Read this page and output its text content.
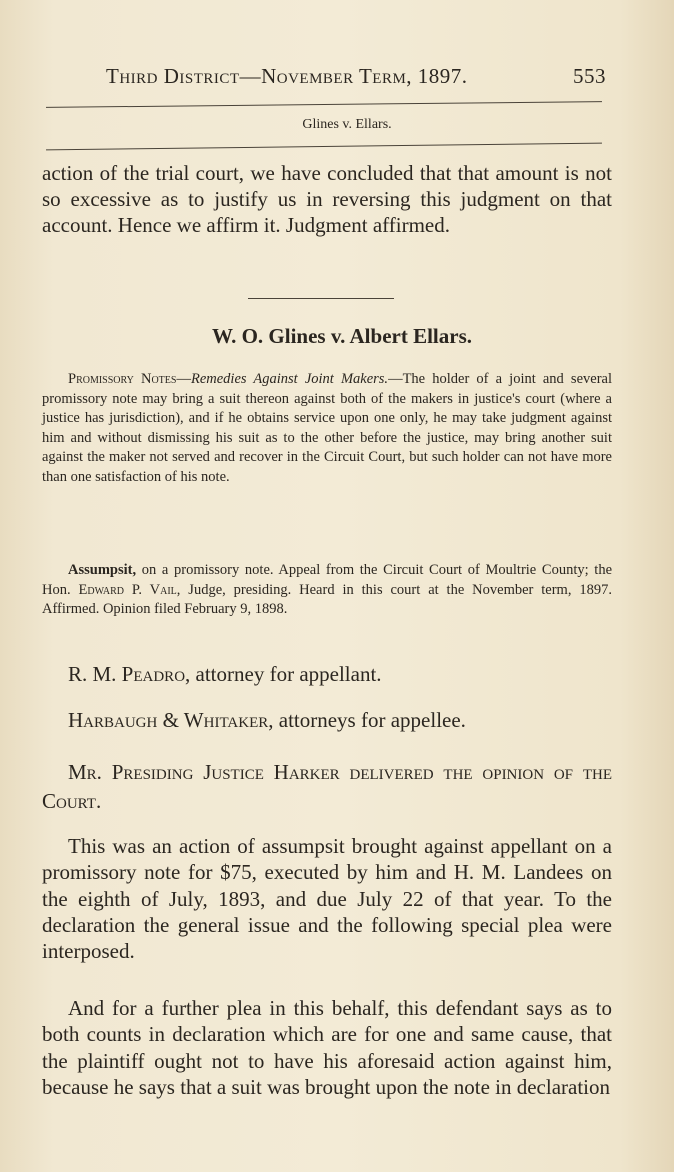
Third District—November Term, 1897.	553
Glines v. Ellars.
action of the trial court, we have concluded that that amount is not so excessive as to justify us in reversing this judgment on that account. Hence we affirm it. Judgment affirmed.
W. O. Glines v. Albert Ellars.
Promissory Notes—Remedies Against Joint Makers.—The holder of a joint and several promissory note may bring a suit thereon against both of the makers in justice's court (where a justice has jurisdiction), and if he obtains service upon one only, he may take judgment against him and without dismissing his suit as to the other before the justice, may bring another suit against the maker not served and recover in the Circuit Court, but such holder can not have more than one satisfaction of his note.
Assumpsit, on a promissory note. Appeal from the Circuit Court of Moultrie County; the Hon. Edward P. Vail, Judge, presiding. Heard in this court at the November term, 1897. Affirmed. Opinion filed February 9, 1898.
R. M. Peadro, attorney for appellant.
Harbaugh & Whitaker, attorneys for appellee.
Mr. Presiding Justice Harker delivered the opinion of the Court.
This was an action of assumpsit brought against appellant on a promissory note for $75, executed by him and H. M. Landees on the eighth of July, 1893, and due July 22 of that year. To the declaration the general issue and the following special plea were interposed.
And for a further plea in this behalf, this defendant says as to both counts in declaration which are for one and same cause, that the plaintiff ought not to have his aforesaid action against him, because he says that a suit was brought upon the note in declaration
